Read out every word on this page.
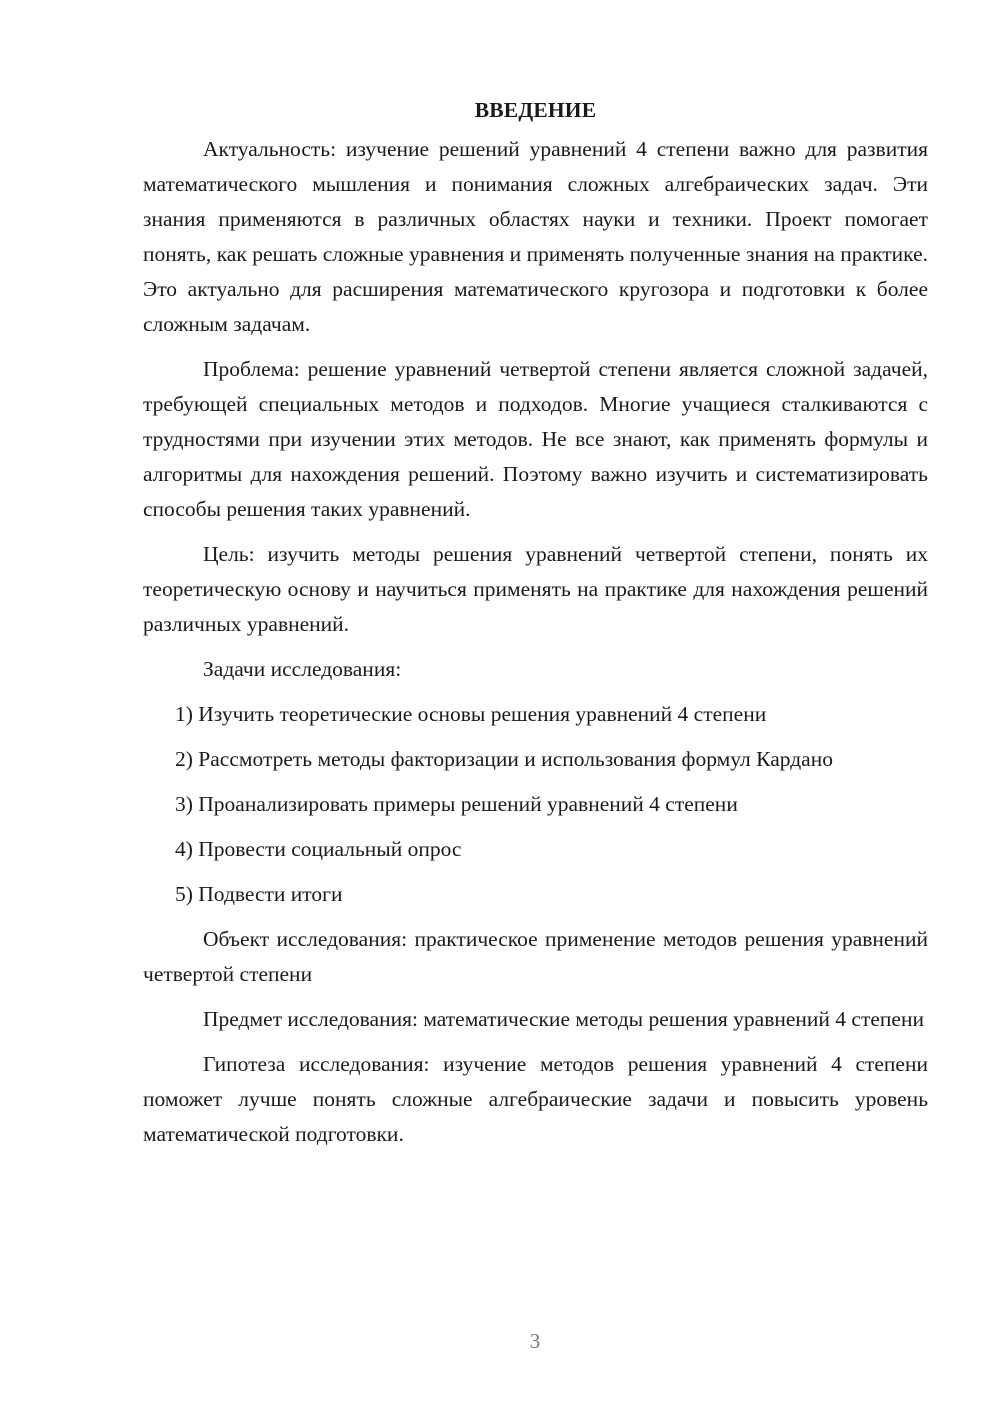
ВВЕДЕНИЕ

Актуальность: изучение решений уравнений 4 степени важно для развития математического мышления и понимания сложных алгебраических задач. Эти знания применяются в различных областях науки и техники. Проект помогает понять, как решать сложные уравнения и применять полученные знания на практике. Это актуально для расширения математического кругозора и подготовки к более сложным задачам.

Проблема: решение уравнений четвертой степени является сложной задачей, требующей специальных методов и подходов. Многие учащиеся сталкиваются с трудностями при изучении этих методов. Не все знают, как применять формулы и алгоритмы для нахождения решений. Поэтому важно изучить и систематизировать способы решения таких уравнений.

Цель: изучить методы решения уравнений четвертой степени, понять их теоретическую основу и научиться применять на практике для нахождения решений различных уравнений.

Задачи исследования:

1) Изучить теоретические основы решения уравнений 4 степени

2) Рассмотреть методы факторизации и использования формул Кардано

3) Проанализировать примеры решений уравнений 4 степени

4) Провести социальный опрос

5) Подвести итоги

Объект исследования: практическое применение методов решения уравнений четвертой степени

Предмет исследования: математические методы решения уравнений 4 степени

Гипотеза исследования: изучение методов решения уравнений 4 степени поможет лучше понять сложные алгебраические задачи и повысить уровень математической подготовки.

3
